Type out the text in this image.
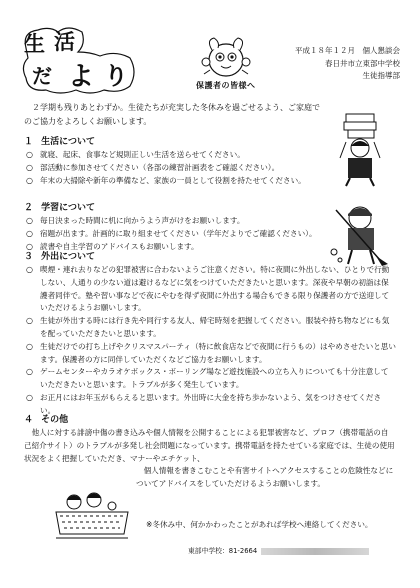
生 活
だ よ り	保護者の皆様へ
平成１８年１２月　個人懇談会
春日井市立東部中学校
生徒指導部
２学期も残りあとわずか。生徒たちが充実した冬休みを過ごせるよう、ご家庭でのご協力をよろしくお願いします。
１ 生活について
○ 就寝、起床、食事など規則正しい生活を送らせてください。
○ 部活動に参加させてください（各部の練習計画表をご確認ください）。
○ 年末の大掃除や新年の準備など、家族の一員として役割を持たせてください。
２ 学習について
○ 毎日決まった時間に机に向かうよう声がけをお願いします。
○ 宿題が出ます。計画的に取り組ませてください（学年だよりでご確認ください）。
○ 読書や自主学習のアドバイスもお願いします。
３ 外出について
○ 喫煙・連れ去りなどの犯罪被害に合わないようご注意ください。特に夜間に外出しない、ひとりで行動しない、人通りの少ない道は避けるなどに気をつけていただきたいと思います。深夜や早朝の初詣は保護者同伴で。塾や習い事などで夜にやむを得ず夜間に外出する場合もできる限り保護者の方で送迎していただけるようお願いします。
○ 生徒が外出する時には行き先や同行する友人、帰宅時刻を把握してください。服装や持ち物などにも気を配っていただきたいと思います。
○ 生徒だけでの打ち上げやクリスマスパーティ（特に飲食店などで夜間に行うもの）はやめさせたいと思います。保護者の方に同伴していただくなどご協力をお願いします。
○ ゲームセンターやカラオケボックス・ボーリング場など遊技施設への立ち入りについても十分注意していただきたいと思います。トラブルが多く発生しています。
○ お正月にはお年玉がもらえると思います。外出時に大金を持ち歩かないよう、気をつけさせてください。
４ その他

他人に対する誹謗中傷の書き込みや個人情報を公開することによる犯罪被害など、プロフ（携帯電話の自己紹介サイト）のトラブルが多発し社会問題になっています。携帯電話を持たせている家庭では、生徒の使用状況をよく把握していただき、マナーやエチケット、

個人情報を書きこむことや有害サイトへアクセスすることの危険性などについてアドバイスをしていただけるようお願いします。

※冬休み中、何かかわったことがあれば学校へ連絡してください。
東部中学校：81-2664
